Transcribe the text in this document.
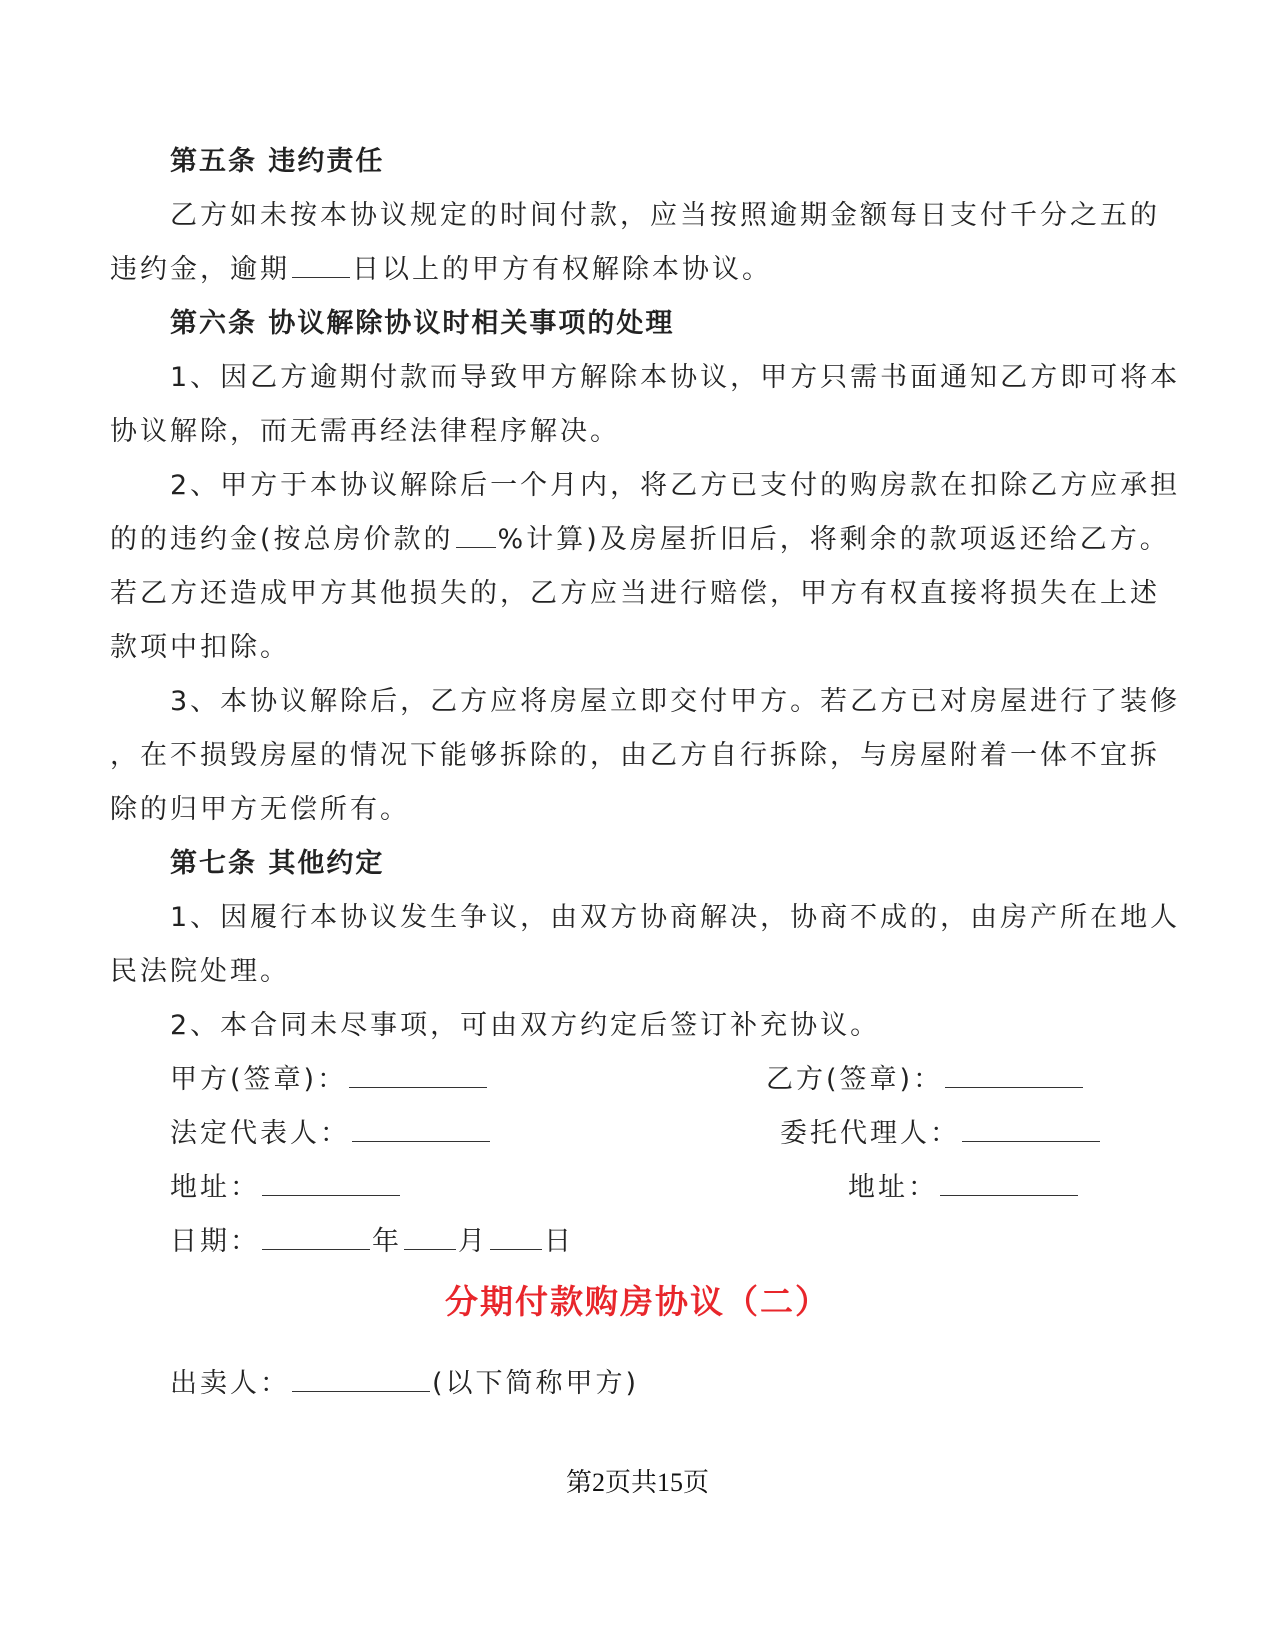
第五条 违约责任
乙方如未按本协议规定的时间付款，应当按照逾期金额每日支付千分之五的
违约金，逾期 日以上的甲方有权解除本协议。
第六条 协议解除协议时相关事项的处理
1、因乙方逾期付款而导致甲方解除本协议，甲方只需书面通知乙方即可将本
协议解除，而无需再经法律程序解决。
2、甲方于本协议解除后一个月内，将乙方已支付的购房款在扣除乙方应承担
的的违约金(按总房价款的 %计算)及房屋折旧后，将剩余的款项返还给乙方。
若乙方还造成甲方其他损失的，乙方应当进行赔偿，甲方有权直接将损失在上述
款项中扣除。
3、本协议解除后，乙方应将房屋立即交付甲方。若乙方已对房屋进行了装修
，在不损毁房屋的情况下能够拆除的，由乙方自行拆除，与房屋附着一体不宜拆
除的归甲方无偿所有。
第七条 其他约定
1、因履行本协议发生争议，由双方协商解决，协商不成的，由房产所在地人
民法院处理。
2、本合同未尽事项，可由双方约定后签订补充协议。
甲方(签章)：	乙方(签章)：
法定代表人：	委托代理人：
地址：	地址：
日期：	年 月 日
分期付款购房协议（二）
出卖人：	(以下简称甲方)
第2页共15页
